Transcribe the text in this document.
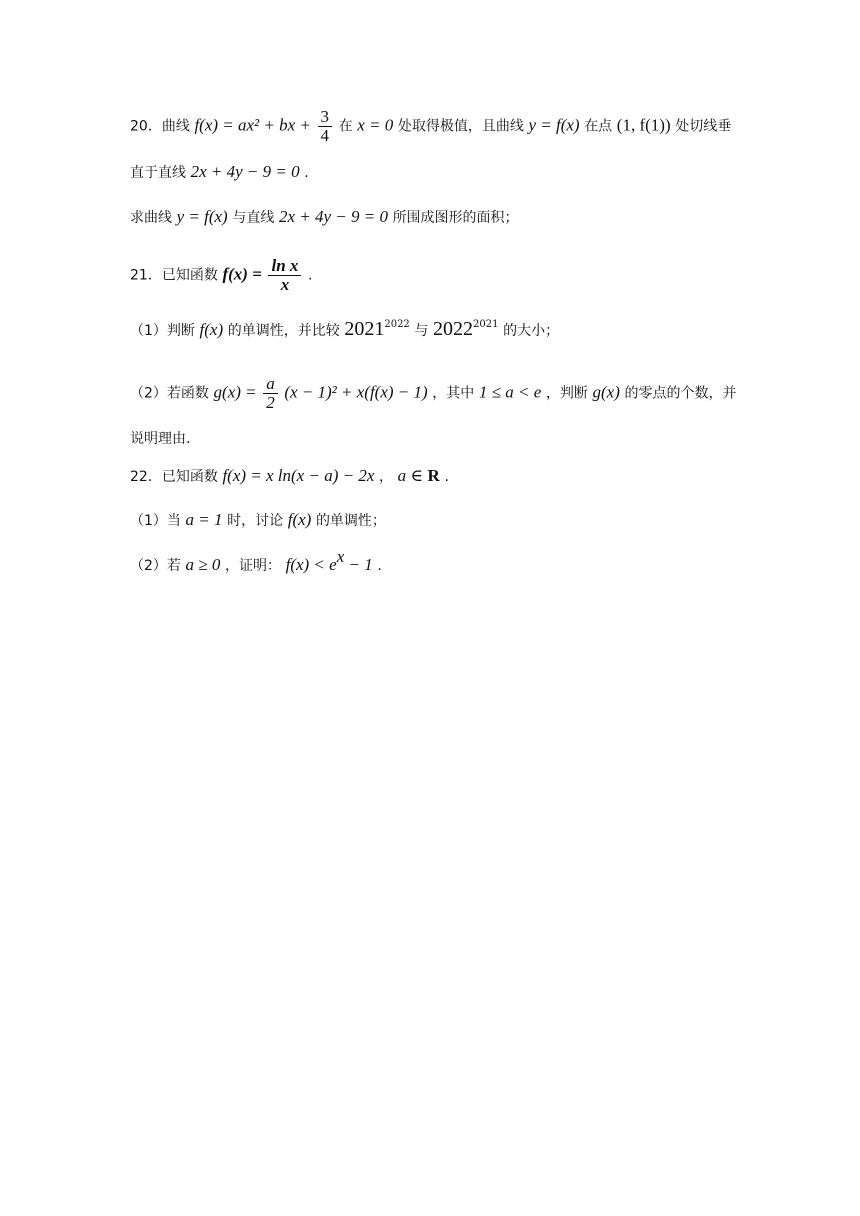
20．曲线 f(x) = ax² + bx + $\frac{3}{4}$ 在 x = 0 处取得极值，且曲线 y = f(x) 在点 (1, f(1)) 处切线垂
直于直线 2x + 4y − 9 = 0 .
求曲线 y = f(x) 与直线 2x + 4y − 9 = 0 所围成图形的面积；
21．已知函数 $f(x) = \frac{\text{ln x}}{x}$ .
（1）判断 f(x) 的单调性，并比较 $2021^{2022}$ 与 $2022^{2021}$ 的大小；
（2）若函数 $g(x) = \frac{a}{2} (x - 1)^2 + x(f(x) - 1)$ ，其中 1 ≤ a < e ，判断 g(x) 的零点的个数，并
说明理由.
22．已知函数 f(x) = x ln(x − a) − 2x ， a ∈ R .
（1）当 a = 1 时，讨论 f(x) 的单调性；
（2）若 a ≥ 0 ，证明： $f(x) < e^x - 1$ .
